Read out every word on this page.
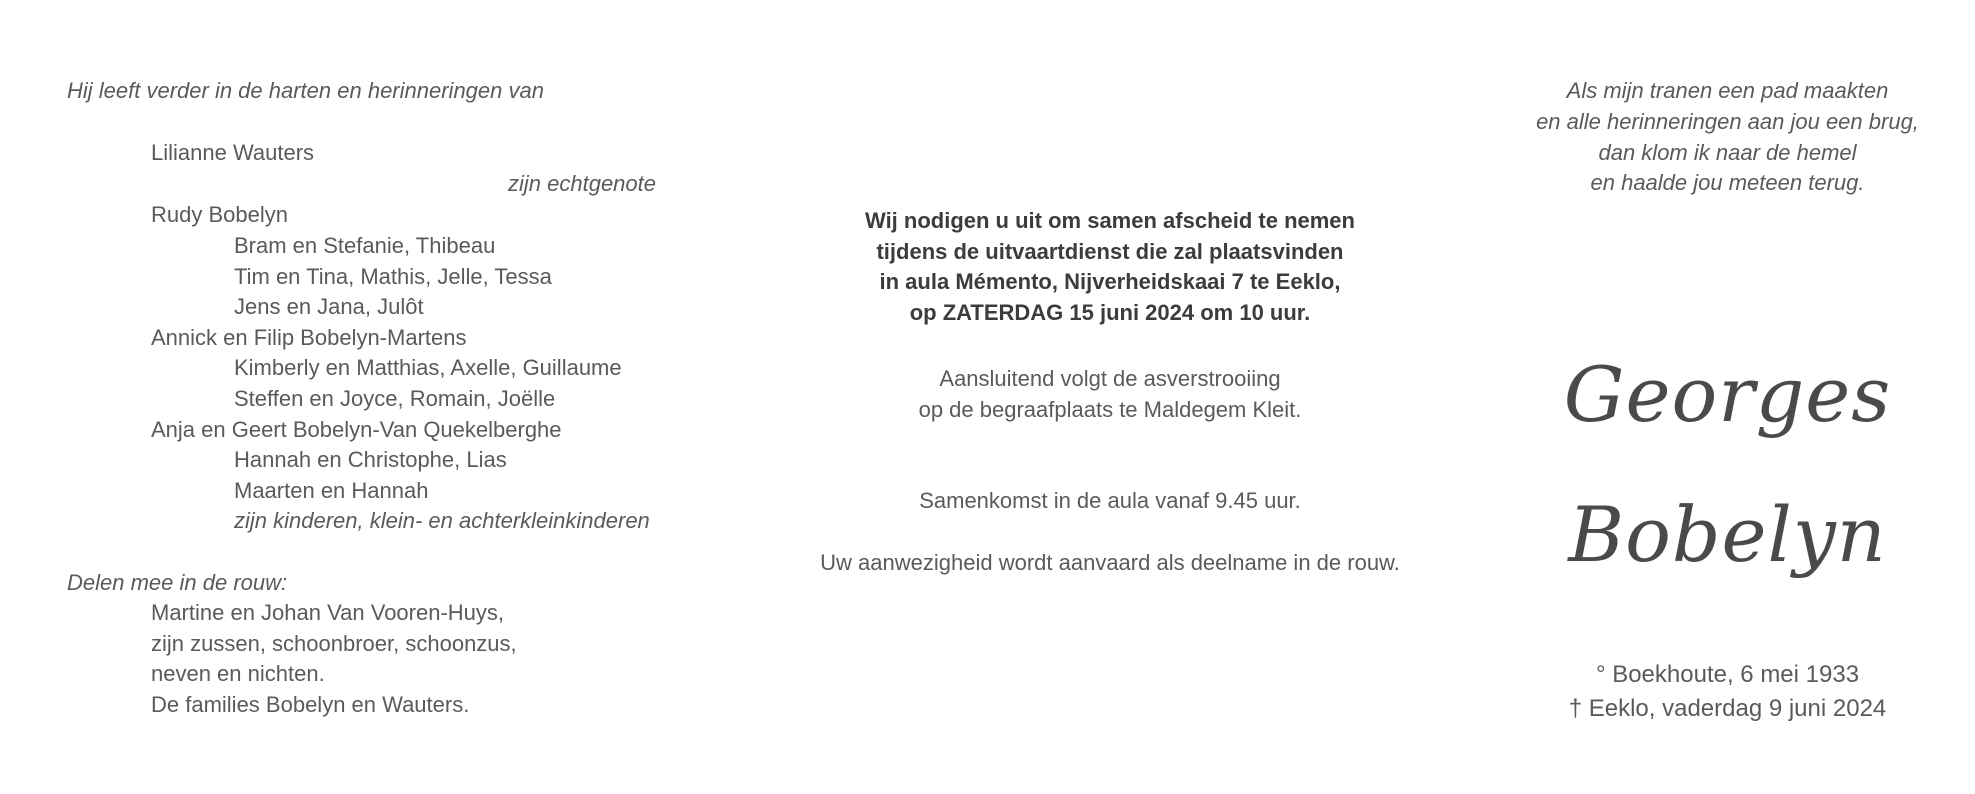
Hij leeft verder in de harten en herinneringen van
Lilianne Wauters
zijn echtgenote
Rudy Bobelyn
Bram en Stefanie, Thibeau
Tim en Tina, Mathis, Jelle, Tessa
Jens en Jana, Julôt
Annick en Filip Bobelyn-Martens
Kimberly en Matthias, Axelle, Guillaume
Steffen en Joyce, Romain, Joëlle
Anja en Geert Bobelyn-Van Quekelberghe
Hannah en Christophe, Lias
Maarten en Hannah
zijn kinderen, klein- en achterkleinkinderen
Delen mee in de rouw:
Martine en Johan Van Vooren-Huys,
zijn zussen, schoonbroer, schoonzus,
neven en nichten.
De families Bobelyn en Wauters.
Wij nodigen u uit om samen afscheid te nemen
tijdens de uitvaartdienst die zal plaatsvinden
in aula Mémento, Nijverheidskaai 7 te Eeklo,
op ZATERDAG 15 juni 2024 om 10 uur.
Aansluitend volgt de asverstrooiing
op de begraafplaats te Maldegem Kleit.
Samenkomst in de aula vanaf 9.45 uur.
Uw aanwezigheid wordt aanvaard als deelname in de rouw.
Als mijn tranen een pad maakten
en alle herinneringen aan jou een brug,
dan klom ik naar de hemel
en haalde jou meteen terug.
Georges
Bobelyn
° Boekhoute, 6 mei 1933
† Eeklo, vaderdag 9 juni 2024
